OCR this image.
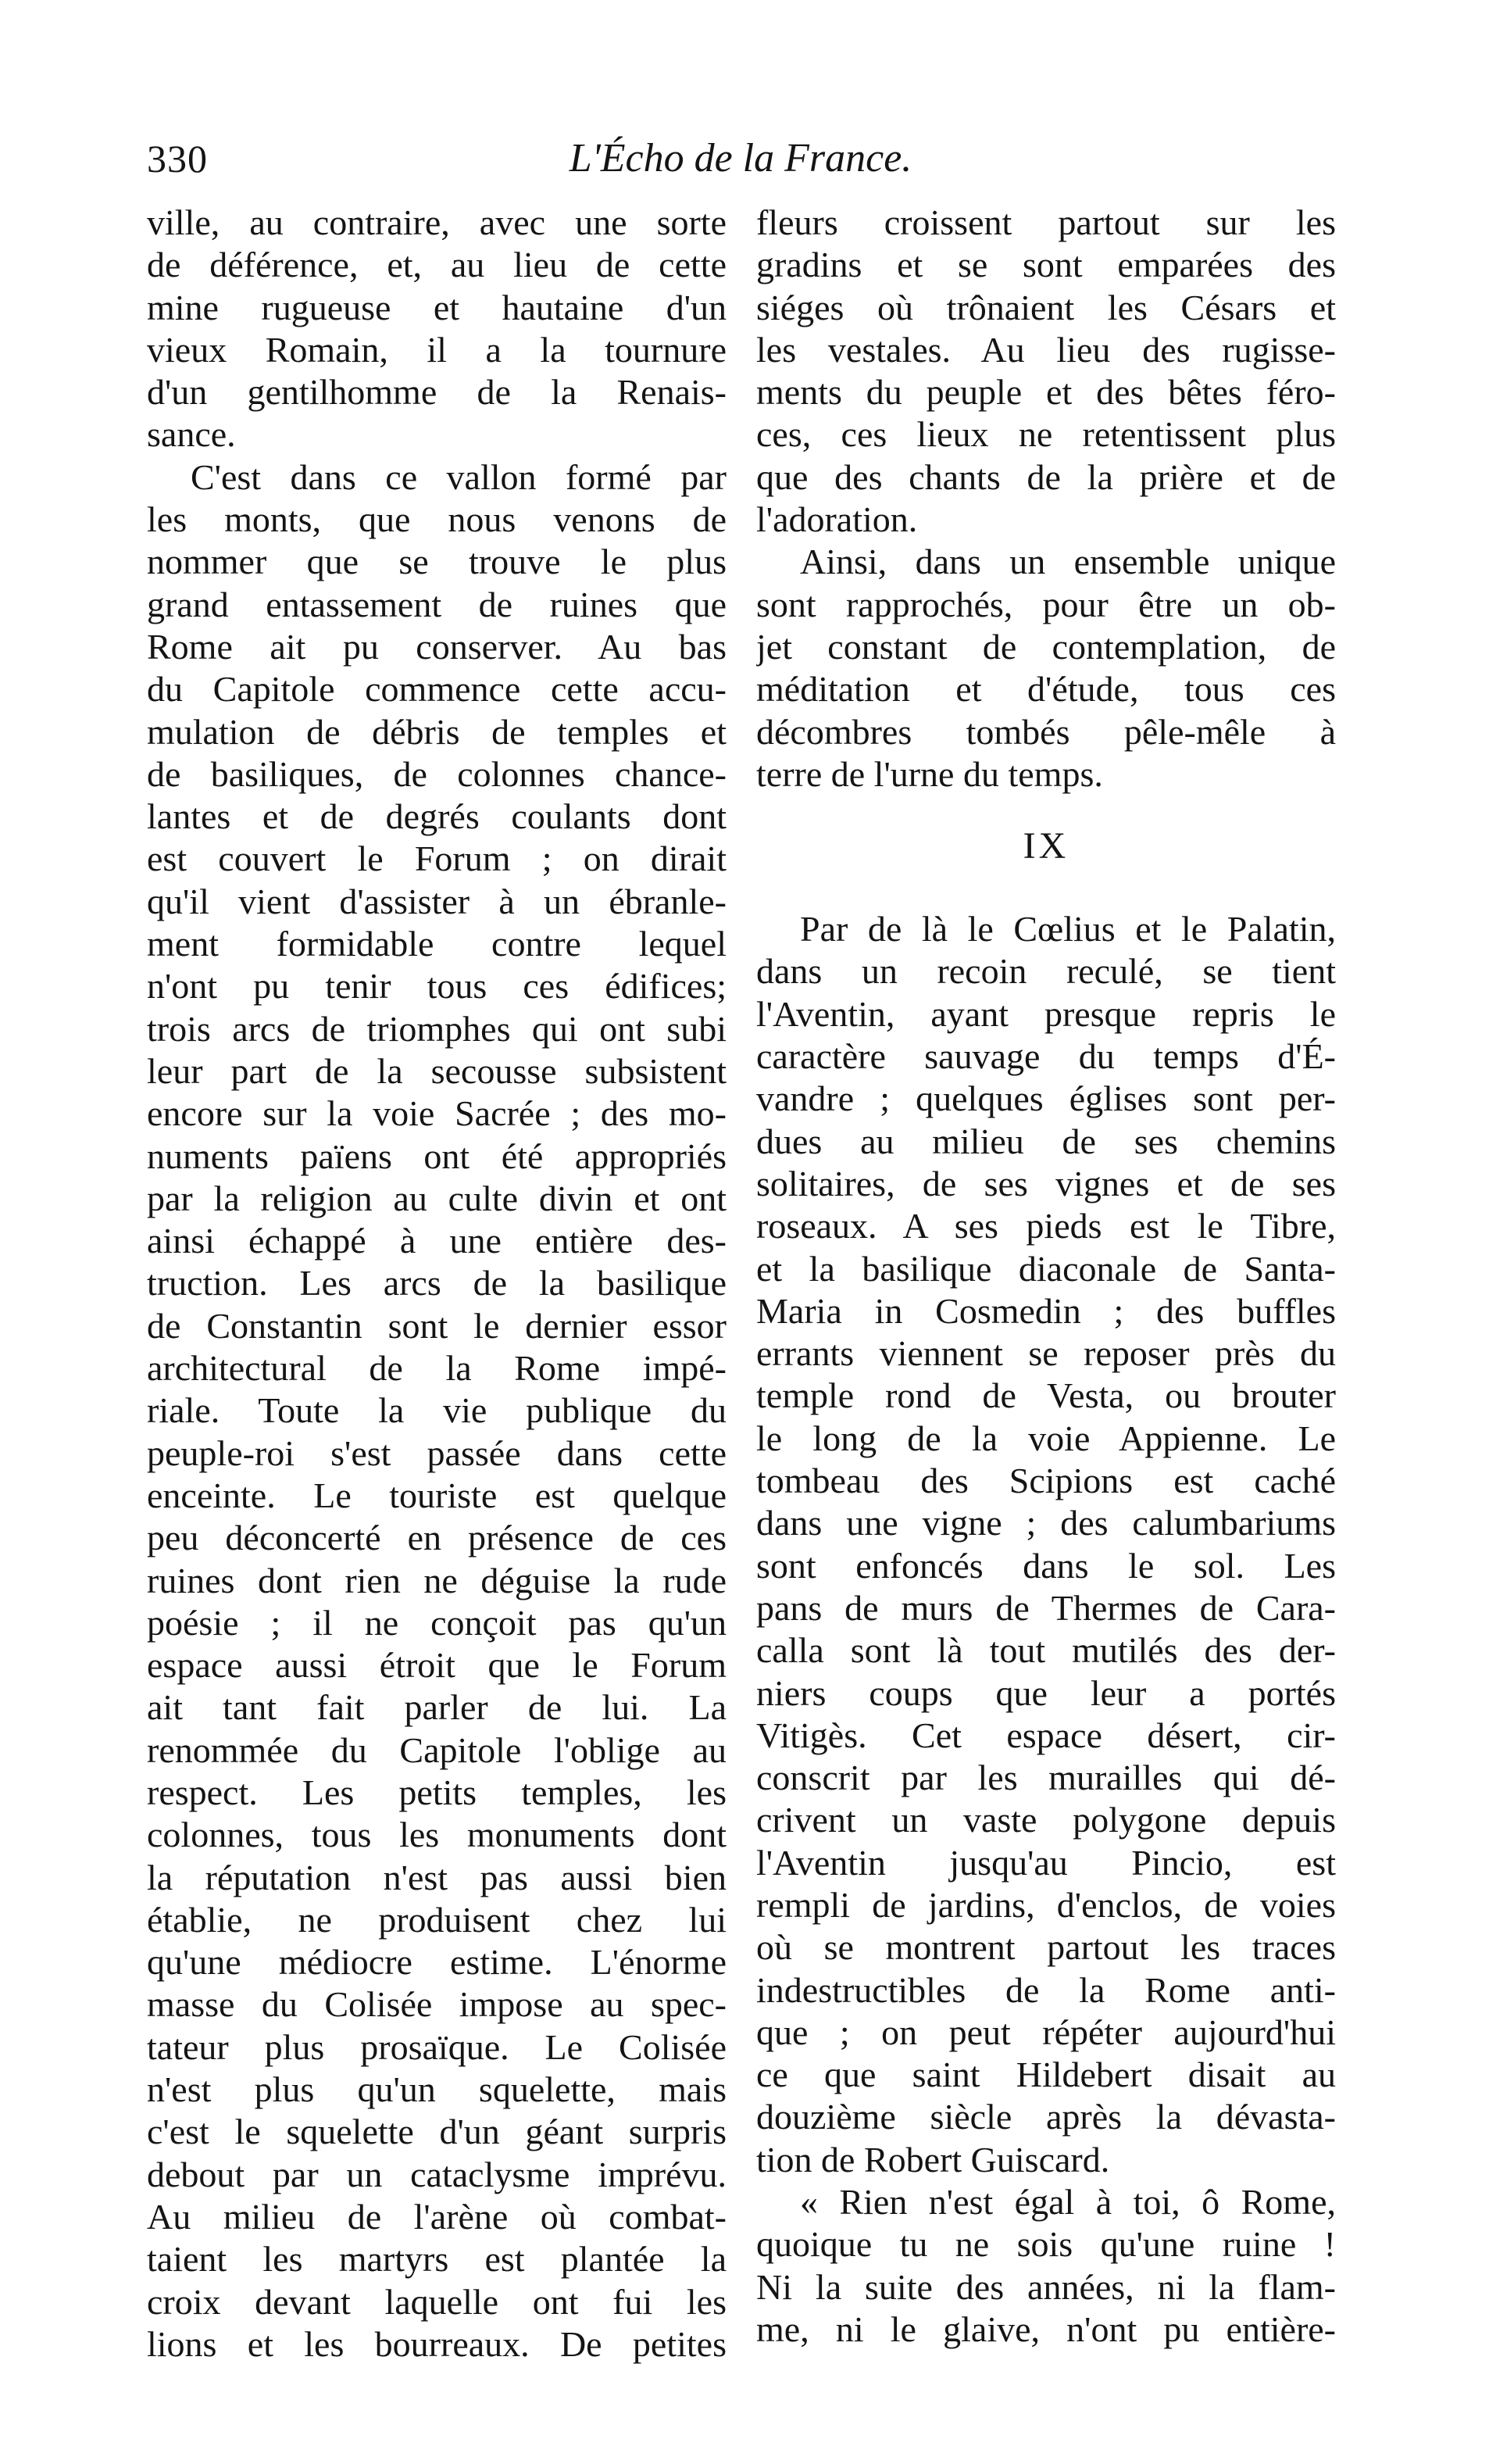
330	L'Écho de la France.
ville, au contraire, avec une sorte
de déférence, et, au lieu de cette
mine rugueuse et hautaine d'un
vieux Romain, il a la tournure
d'un gentilhomme de la Renais-
sance.
C'est dans ce vallon formé par
les monts, que nous venons de
nommer que se trouve le plus
grand entassement de ruines que
Rome ait pu conserver. Au bas
du Capitole commence cette accu-
mulation de débris de temples et
de basiliques, de colonnes chance-
lantes et de degrés coulants dont
est couvert le Forum ; on dirait
qu'il vient d'assister à un ébranle-
ment formidable contre lequel
n'ont pu tenir tous ces édifices;
trois arcs de triomphes qui ont subi
leur part de la secousse subsistent
encore sur la voie Sacrée ; des mo-
numents païens ont été appropriés
par la religion au culte divin et ont
ainsi échappé à une entière des-
truction. Les arcs de la basilique
de Constantin sont le dernier essor
architectural de la Rome impé-
riale. Toute la vie publique du
peuple-roi s'est passée dans cette
enceinte. Le touriste est quelque
peu déconcerté en présence de ces
ruines dont rien ne déguise la rude
poésie ; il ne conçoit pas qu'un
espace aussi étroit que le Forum
ait tant fait parler de lui. La
renommée du Capitole l'oblige au
respect. Les petits temples, les
colonnes, tous les monuments dont
la réputation n'est pas aussi bien
établie, ne produisent chez lui
qu'une médiocre estime. L'énorme
masse du Colisée impose au spec-
tateur plus prosaïque. Le Colisée
n'est plus qu'un squelette, mais
c'est le squelette d'un géant surpris
debout par un cataclysme imprévu.
Au milieu de l'arène où combat-
taient les martyrs est plantée la
croix devant laquelle ont fui les
lions et les bourreaux. De petites
fleurs croissent partout sur les
gradins et se sont emparées des
siéges où trônaient les Césars et
les vestales. Au lieu des rugisse-
ments du peuple et des bêtes féro-
ces, ces lieux ne retentissent plus
que des chants de la prière et de
l'adoration.
Ainsi, dans un ensemble unique
sont rapprochés, pour être un ob-
jet constant de contemplation, de
méditation et d'étude, tous ces
décombres tombés pêle-mêle à
terre de l'urne du temps.
IX
Par de là le Cœlius et le Palatin,
dans un recoin reculé, se tient
l'Aventin, ayant presque repris le
caractère sauvage du temps d'É-
vandre ; quelques églises sont per-
dues au milieu de ses chemins
solitaires, de ses vignes et de ses
roseaux. A ses pieds est le Tibre,
et la basilique diaconale de Santa-
Maria in Cosmedin ; des buffles
errants viennent se reposer près du
temple rond de Vesta, ou brouter
le long de la voie Appienne. Le
tombeau des Scipions est caché
dans une vigne ; des calumbariums
sont enfoncés dans le sol. Les
pans de murs de Thermes de Cara-
calla sont là tout mutilés des der-
niers coups que leur a portés
Vitigès. Cet espace désert, cir-
conscrit par les murailles qui dé-
crivent un vaste polygone depuis
l'Aventin jusqu'au Pincio, est
rempli de jardins, d'enclos, de voies
où se montrent partout les traces
indestructibles de la Rome anti-
que ; on peut répéter aujourd'hui
ce que saint Hildebert disait au
douzième siècle après la dévasta-
tion de Robert Guiscard.
« Rien n'est égal à toi, ô Rome,
quoique tu ne sois qu'une ruine !
Ni la suite des années, ni la flam-
me, ni le glaive, n'ont pu entière-
